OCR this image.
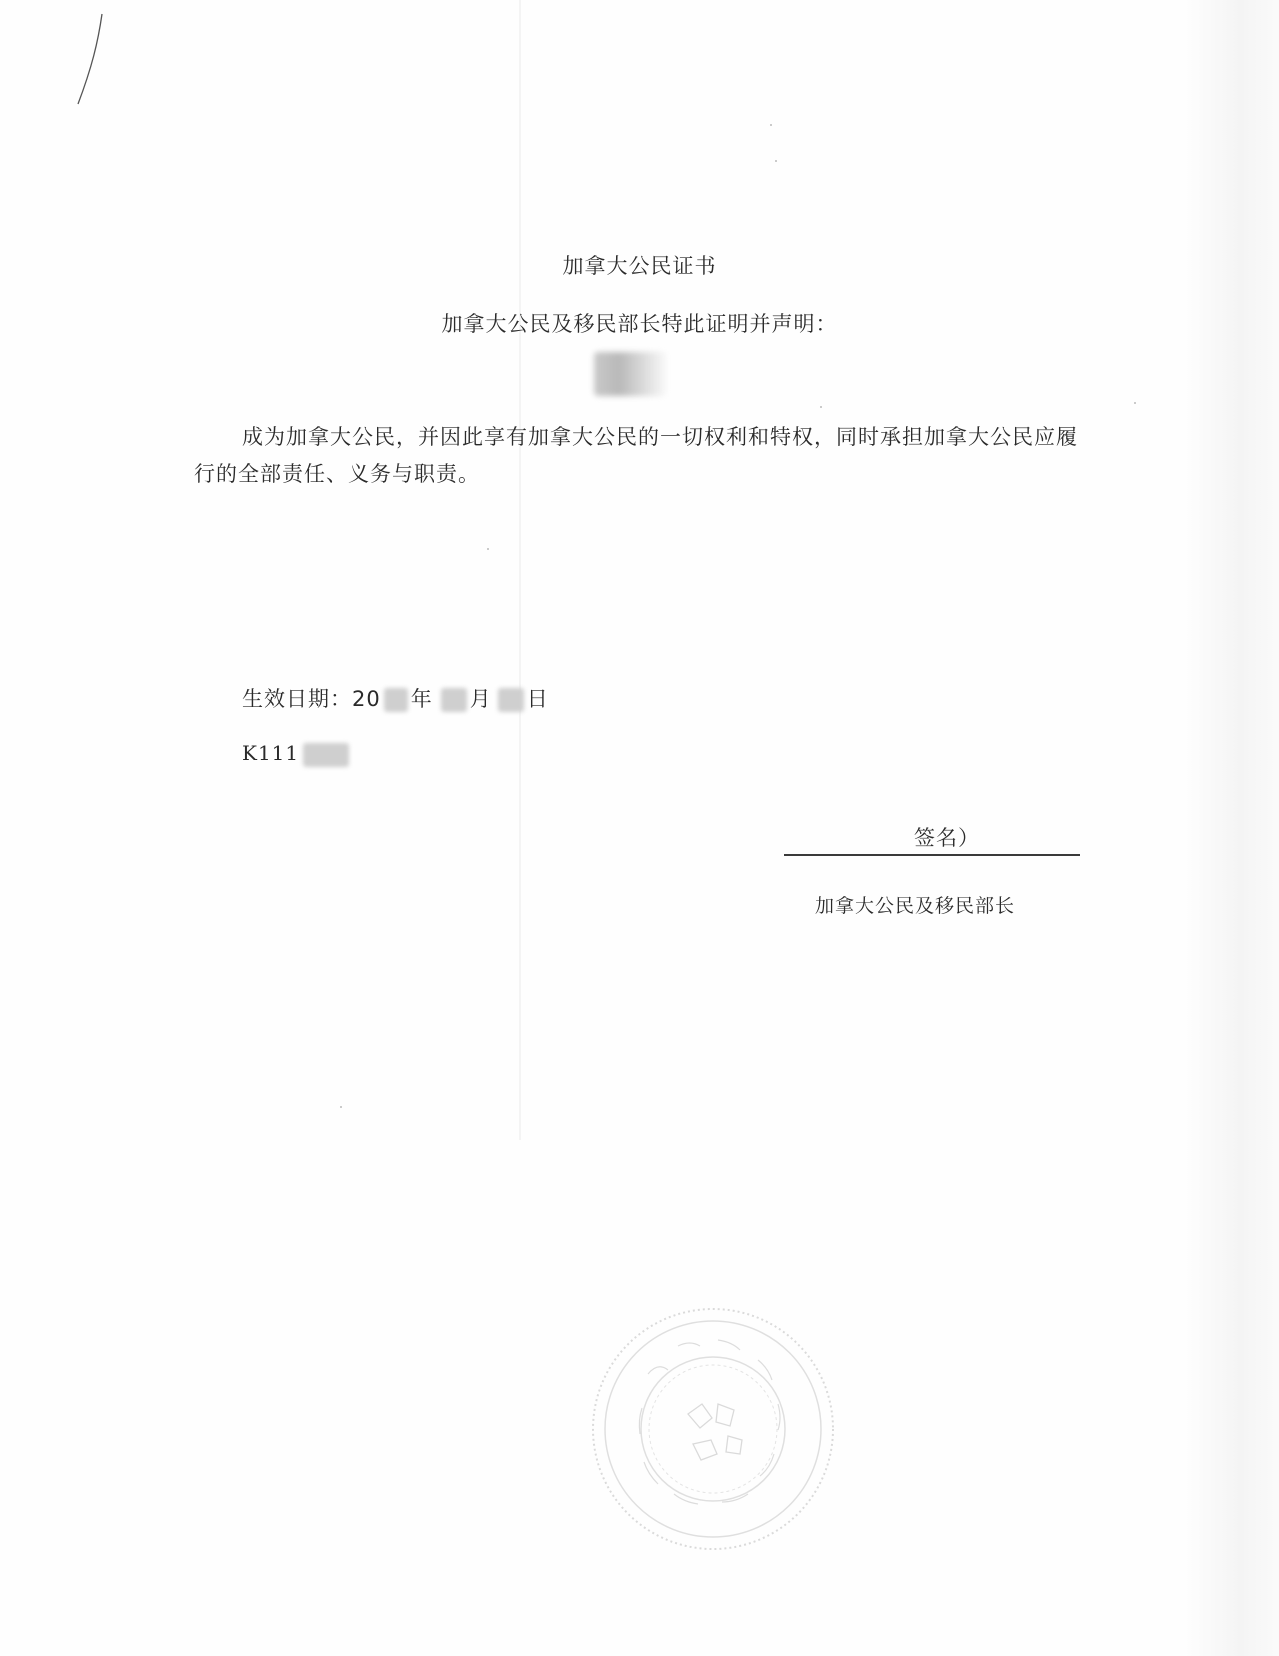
加拿大公民证书
加拿大公民及移民部长特此证明并声明：
成为加拿大公民，并因此享有加拿大公民的一切权利和特权，同时承担加拿大公民应履行的全部责任、义务与职责。
生效日期：20 年 月 日
K111
签名）
加拿大公民及移民部长
